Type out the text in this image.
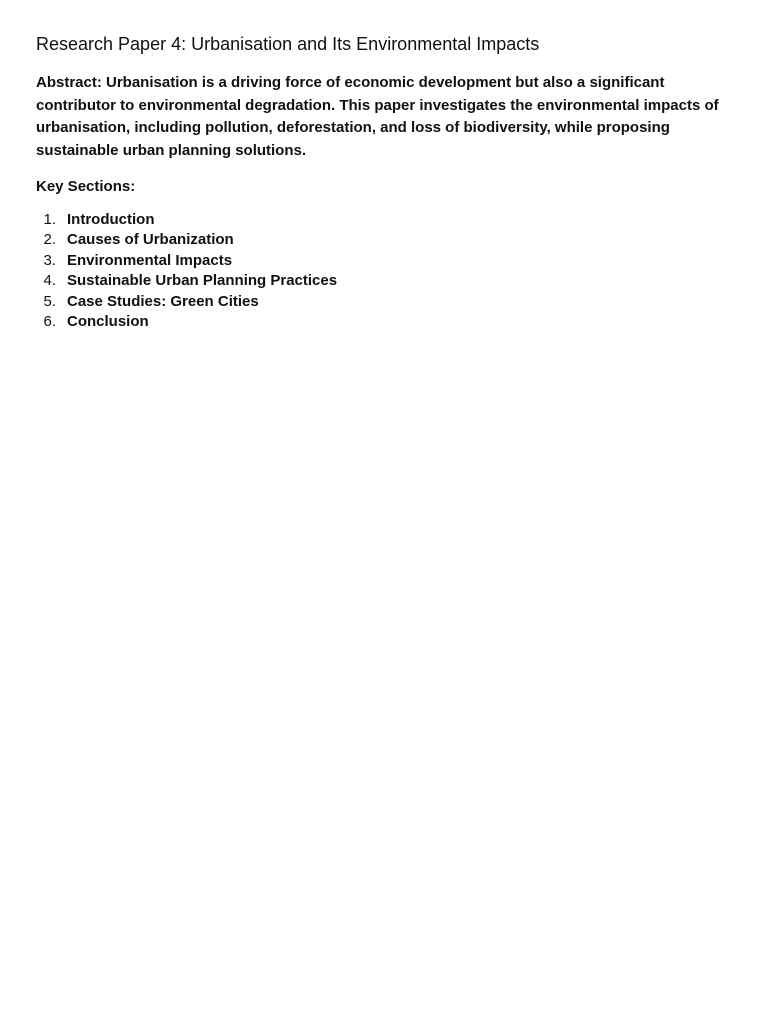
Research Paper 4: Urbanisation and Its Environmental Impacts

Abstract: Urbanisation is a driving force of economic development but also a significant contributor to environmental degradation. This paper investigates the environmental impacts of urbanisation, including pollution, deforestation, and loss of biodiversity, while proposing sustainable urban planning solutions.

Key Sections:

1. Introduction
2. Causes of Urbanization
3. Environmental Impacts
4. Sustainable Urban Planning Practices
5. Case Studies: Green Cities
6. Conclusion
